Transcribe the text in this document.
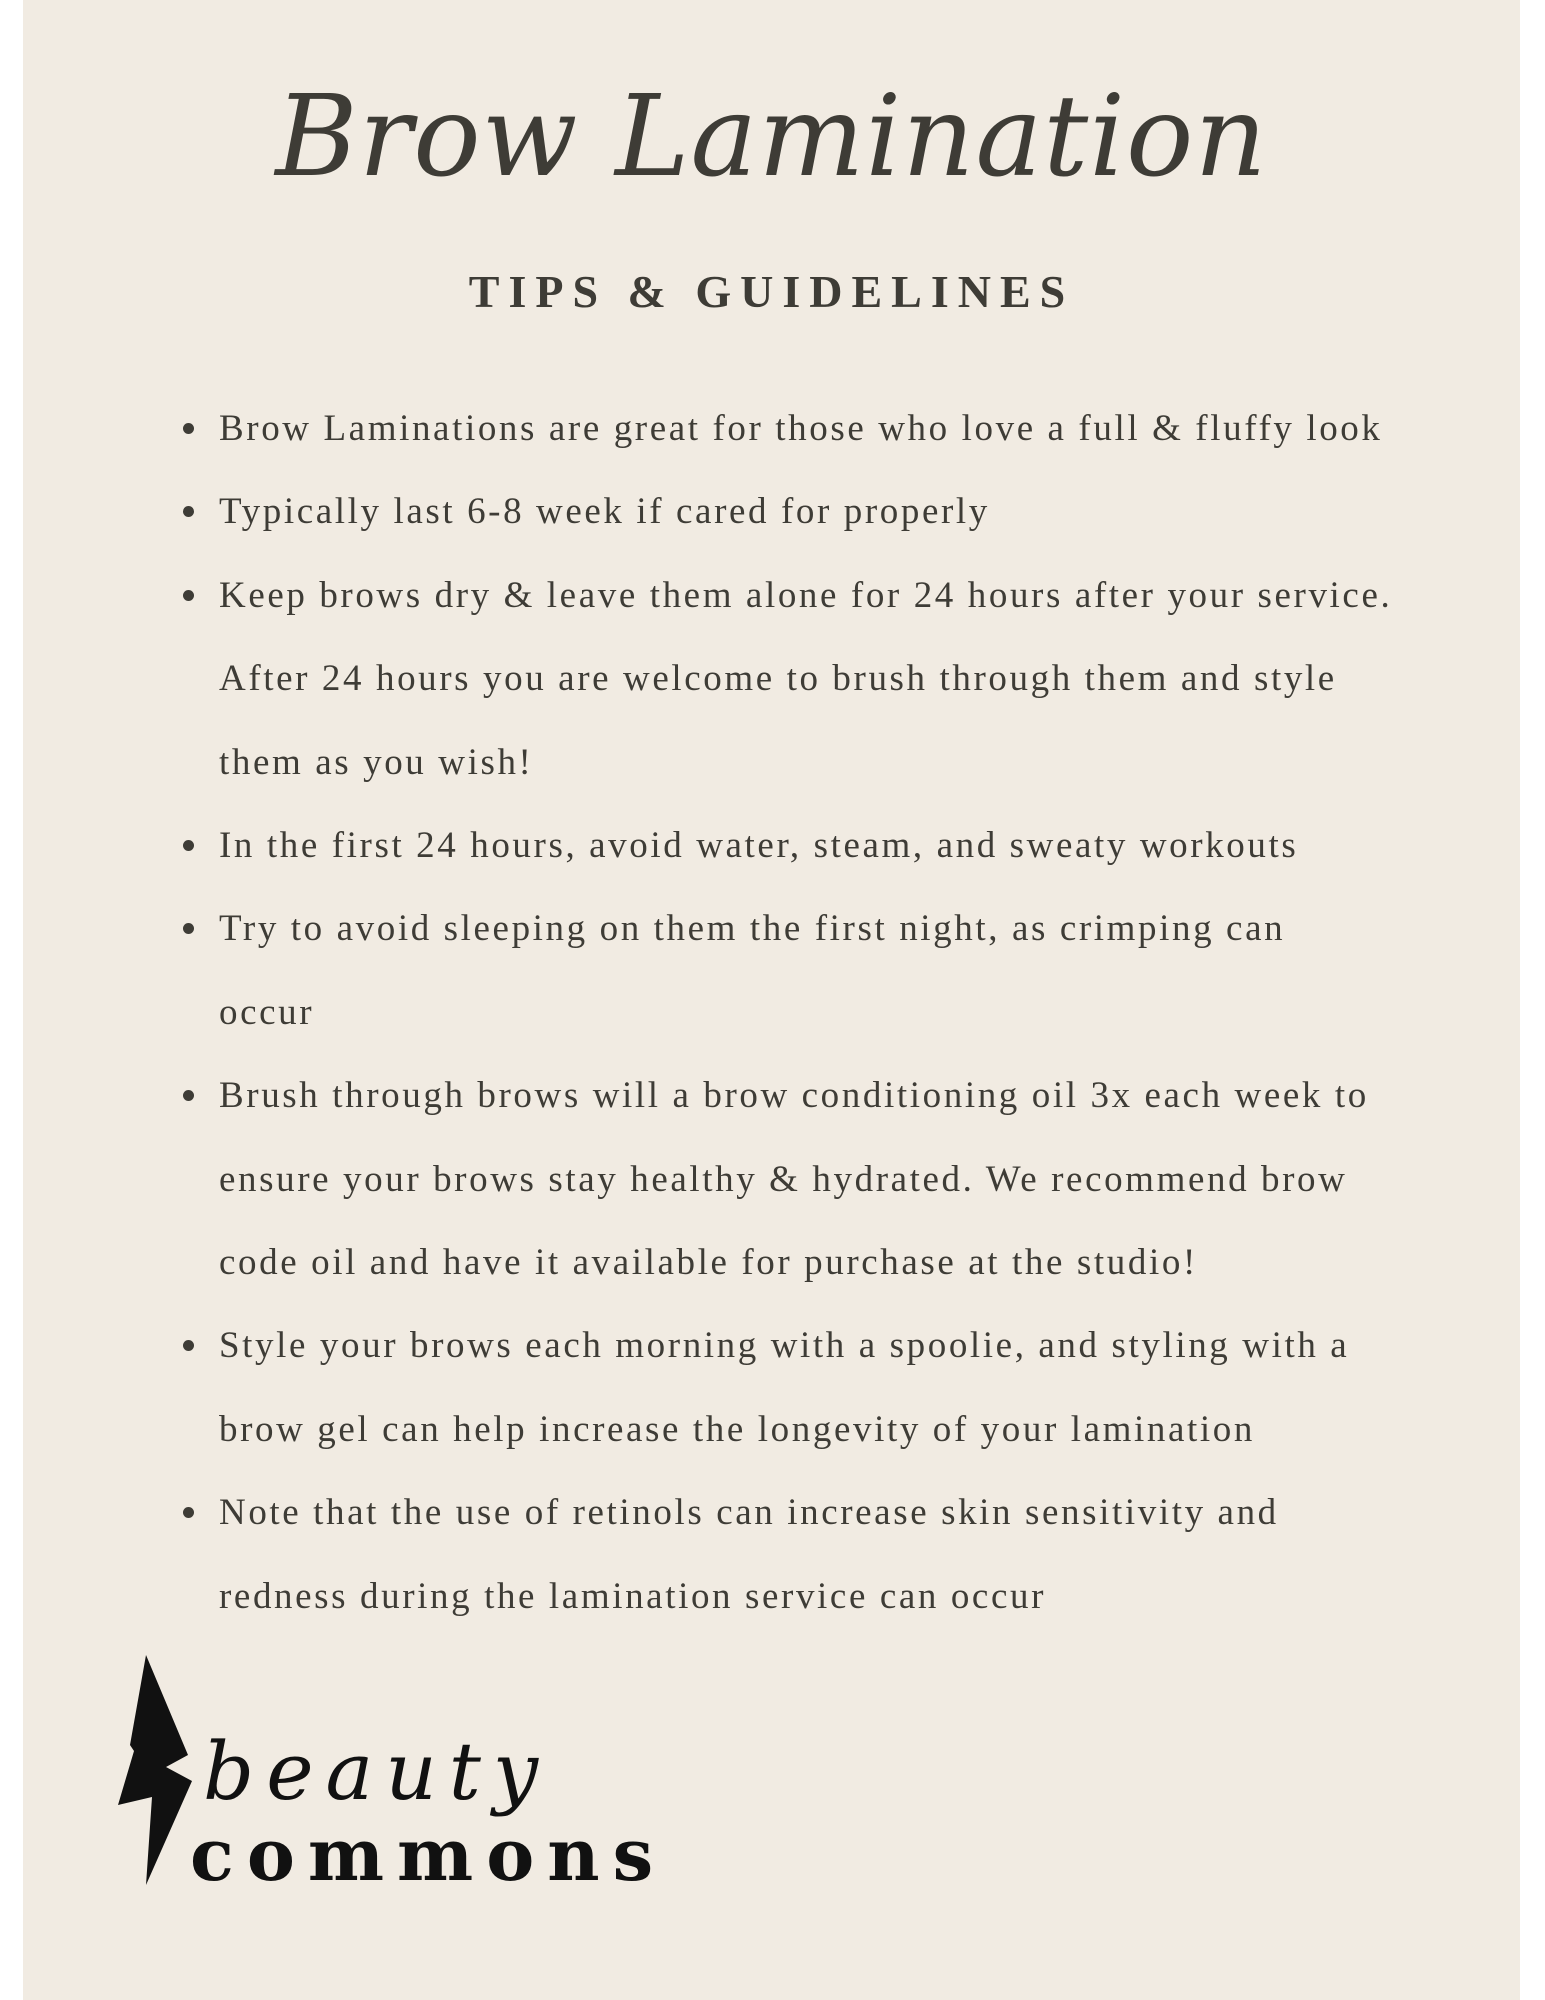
Brow Lamination
TIPS & GUIDELINES
Brow Laminations are great for those who love a full & fluffy look
Typically last 6-8 week if cared for properly
Keep brows dry & leave them alone for 24 hours after your service.
After 24 hours you are welcome to brush through them and style
them as you wish!
In the first 24 hours, avoid water, steam, and sweaty workouts
Try to avoid sleeping on them the first night, as crimping can
occur
Brush through brows will a brow conditioning oil 3x each week to
ensure your brows stay healthy & hydrated. We recommend brow
code oil and have it available for purchase at the studio!
Style your brows each morning with a spoolie, and styling with a
brow gel can help increase the longevity of your lamination
Note that the use of retinols can increase skin sensitivity and
redness during the lamination service can occur
beauty
commons
